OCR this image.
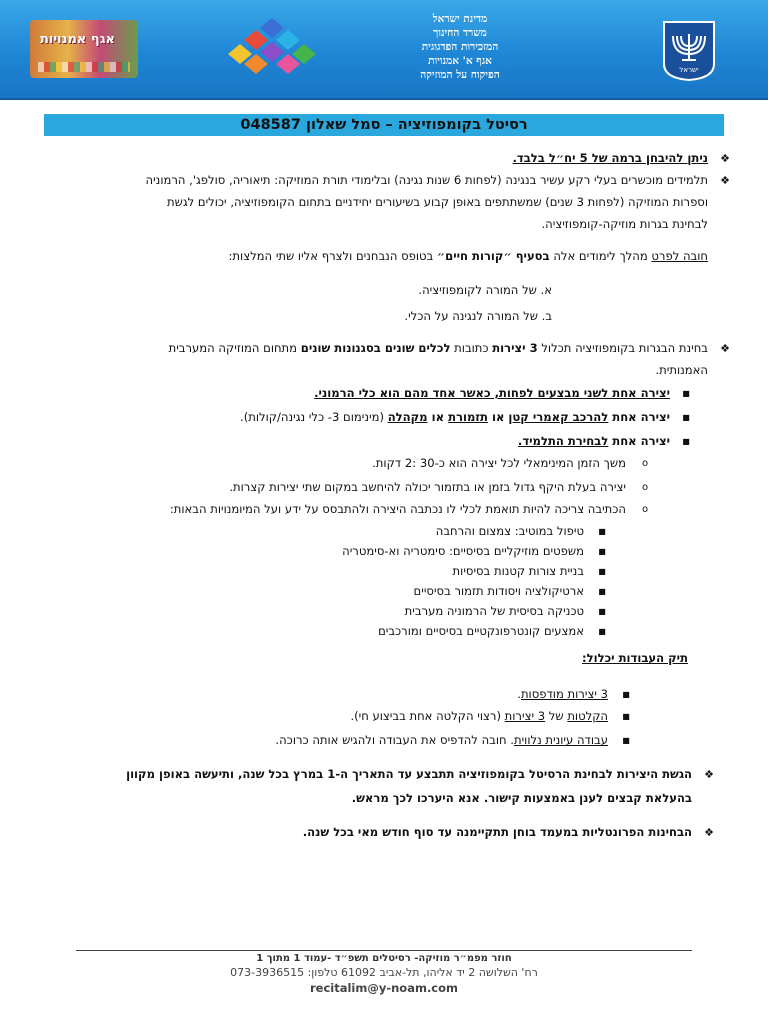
אגף אמנויות
מדינת ישראל
משרד החינוך
המזכירות הפדגוגית
אגף א' אמנויות
הפיקוח על המוזיקה	ישראל
רסיטל בקומפוזיציה – סמל שאלון 048587
❖
ניתן להיבחן ברמה של 5 יח״ל בלבד.
❖
תלמידים מוכשרים בעלי רקע עשיר בנגינה (לפחות 6 שנות נגינה) ובלימודי תורת המוזיקה: תיאוריה, סולפג', הרמוניה
וספרות המוזיקה (לפחות 3 שנים) שמשתתפים באופן קבוע בשיעורים יחידניים בתחום הקומפוזיציה, יכולים לגשת
לבחינת בגרות מוזיקה-קומפוזיציה.
חובה לפרט מהלך לימודים אלה בסעיף ״קורות חיים״ בטופס הנבחנים ולצרף אליו שתי המלצות:
א. של המורה לקומפוזיציה.
ב. של המורה לנגינה על הכלי.
❖
בחינת הבגרות בקומפוזיציה תכלול 3 יצירות כתובות לכלים שונים בסגנונות שונים מתחום המוזיקה המערבית
האמנותית.
■
יצירה אחת לשני מבצעים לפחות, כאשר אחד מהם הוא כלי הרמוני.
■
יצירה אחת להרכב קאמרי קטן או תזמורת או מקהלה (מינימום 3- כלי נגינה/קולות).
■
יצירה אחת לבחירת התלמיד.
o
משך הזמן המינימאלי לכל יצירה הוא כ-30 :2 דקות.
o
יצירה בעלת היקף גדול בזמן או בתזמור יכולה להיחשב במקום שתי יצירות קצרות.
o
הכתיבה צריכה להיות תואמת לכלי לו נכתבה היצירה ולהתבסס על ידע ועל המיומנויות הבאות:
■
טיפול במוטיב: צמצום והרחבה
■
משפטים מוזיקליים בסיסיים: סימטריה וא-סימטריה
■
בניית צורות קטנות בסיסיות
■
ארטיקולציה ויסודות תזמור בסיסיים
■
טכניקה בסיסית של הרמוניה מערבית
■
אמצעים קונטרפונקטיים בסיסיים ומורכבים
תיק העבודות יכלול:
■
3 יצירות מודפסות.
■
הקלטות של 3 יצירות (רצוי הקלטה אחת בביצוע חי).
■
עבודה עיונית נלווית. חובה להדפיס את העבודה ולהגיש אותה כרוכה.
❖
הגשת היצירות לבחינת הרסיטל בקומפוזיציה תתבצע עד התאריך ה-1 במרץ בכל שנה, ותיעשה באופן מקוון
בהעלאת קבצים לענן באמצעות קישור. אנא היערכו לכך מראש.
❖
הבחינות הפרונטליות במעמד בוחן תתקיימנה עד סוף חודש מאי בכל שנה.
חוזר מפמ״ר מוזיקה- רסיטלים תשפ״ד -עמוד 1 מתוך 1
רח' השלושה 2 יד אליהו, תל-אביב 61092 טלפון: 073-3936515
recitalim@y-noam.com
